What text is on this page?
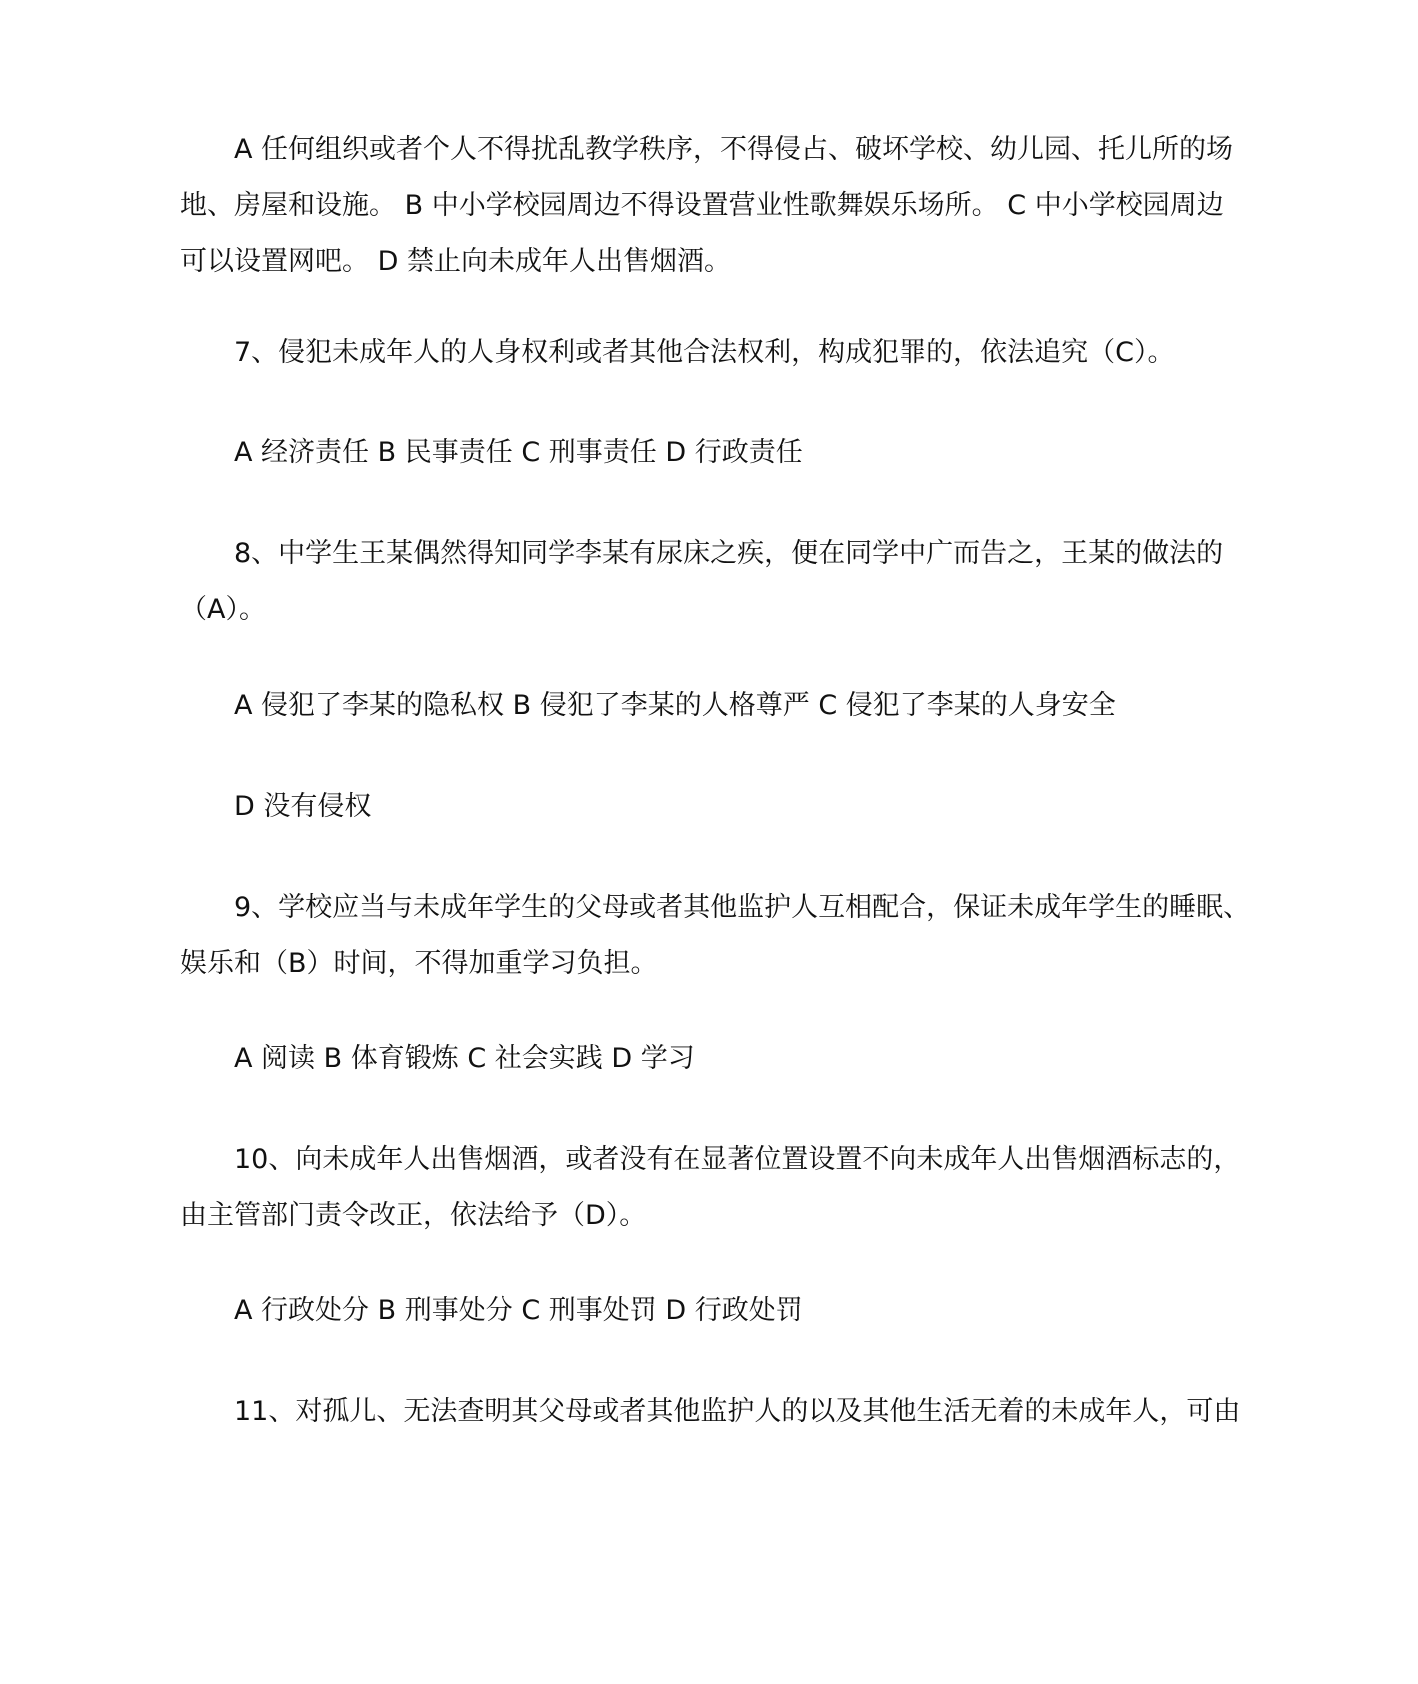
A 任何组织或者个人不得扰乱教学秩序，不得侵占、破坏学校、幼儿园、托儿所的场
地、房屋和设施。 B 中小学校园周边不得设置营业性歌舞娱乐场所。 C 中小学校园周边
可以设置网吧。 D 禁止向未成年人出售烟酒。

7、侵犯未成年人的人身权利或者其他合法权利，构成犯罪的，依法追究（C）。

A 经济责任 B 民事责任 C 刑事责任 D 行政责任

8、中学生王某偶然得知同学李某有尿床之疾，便在同学中广而告之，王某的做法的
（A）。

A 侵犯了李某的隐私权 B 侵犯了李某的人格尊严 C 侵犯了李某的人身安全

D 没有侵权

9、学校应当与未成年学生的父母或者其他监护人互相配合，保证未成年学生的睡眠、
娱乐和（B）时间，不得加重学习负担。

A 阅读 B 体育锻炼 C 社会实践 D 学习

10、向未成年人出售烟酒，或者没有在显著位置设置不向未成年人出售烟酒标志的，
由主管部门责令改正，依法给予（D）。

A 行政处分 B 刑事处分 C 刑事处罚 D 行政处罚

11、对孤儿、无法查明其父母或者其他监护人的以及其他生活无着的未成年人，可由
